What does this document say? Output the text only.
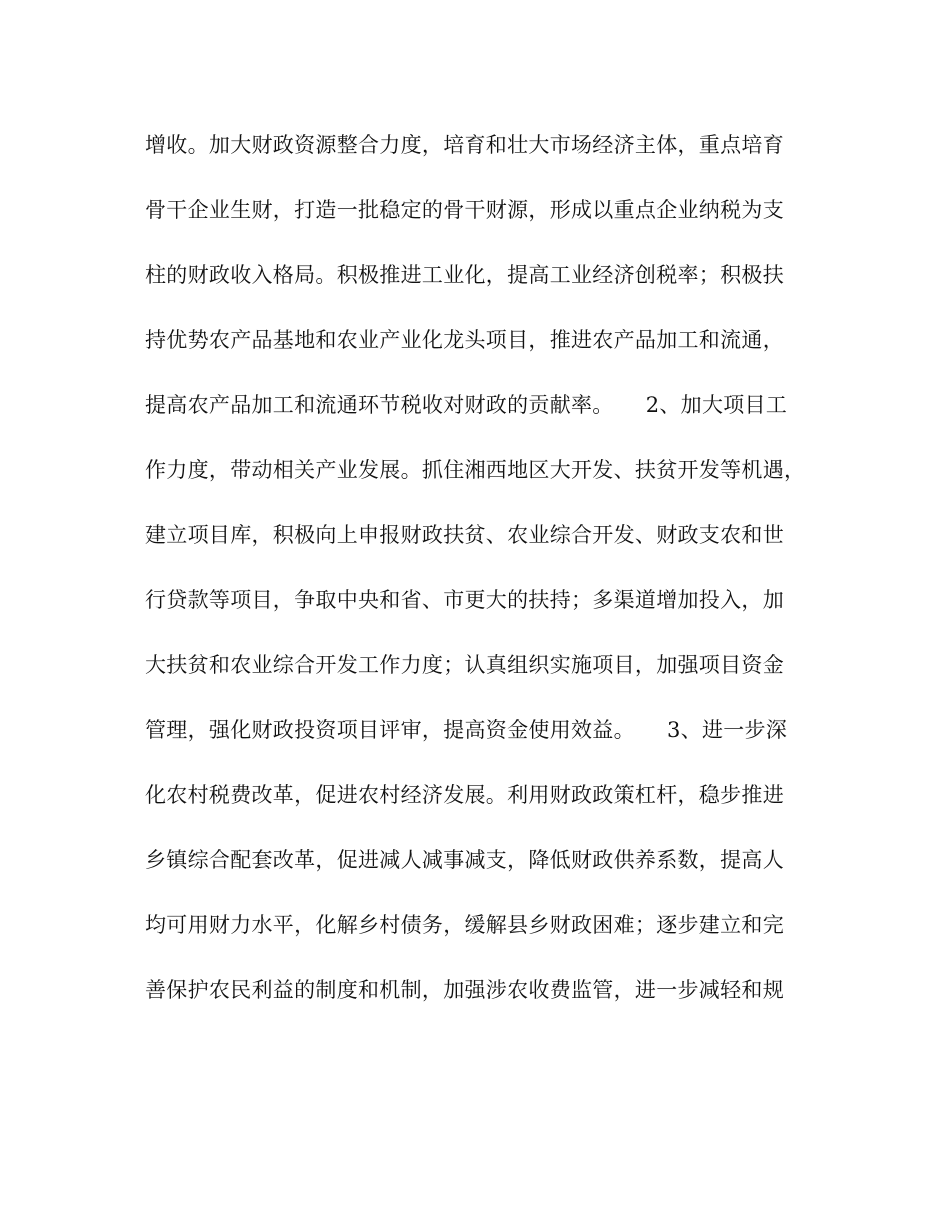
增收。加大财政资源整合力度，培育和壮大市场经济主体，重点培育
骨干企业生财，打造一批稳定的骨干财源，形成以重点企业纳税为支
柱的财政收入格局。积极推进工业化，提高工业经济创税率；积极扶
持优势农产品基地和农业产业化龙头项目，推进农产品加工和流通，
提高农产品加工和流通环节税收对财政的贡献率。　　2、加大项目工
作力度，带动相关产业发展。抓住湘西地区大开发、扶贫开发等机遇，
建立项目库，积极向上申报财政扶贫、农业综合开发、财政支农和世
行贷款等项目，争取中央和省、市更大的扶持；多渠道增加投入，加
大扶贫和农业综合开发工作力度；认真组织实施项目，加强项目资金
管理，强化财政投资项目评审，提高资金使用效益。　　3、进一步深
化农村税费改革，促进农村经济发展。利用财政政策杠杆，稳步推进
乡镇综合配套改革，促进减人减事减支，降低财政供养系数，提高人
均可用财力水平，化解乡村债务，缓解县乡财政困难；逐步建立和完
善保护农民利益的制度和机制，加强涉农收费监管，进一步减轻和规
